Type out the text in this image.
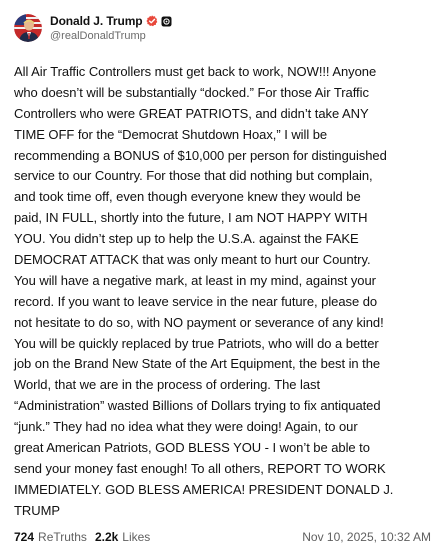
Donald J. Trump
@realDonaldTrump
All Air Traffic Controllers must get back to work, NOW!!! Anyone
who doesn’t will be substantially “docked.” For those Air Traffic
Controllers who were GREAT PATRIOTS, and didn’t take ANY
TIME OFF for the “Democrat Shutdown Hoax,” I will be
recommending a BONUS of $10,000 per person for distinguished
service to our Country. For those that did nothing but complain,
and took time off, even though everyone knew they would be
paid, IN FULL, shortly into the future, I am NOT HAPPY WITH
YOU. You didn’t step up to help the U.S.A. against the FAKE
DEMOCRAT ATTACK that was only meant to hurt our Country.
You will have a negative mark, at least in my mind, against your
record. If you want to leave service in the near future, please do
not hesitate to do so, with NO payment or severance of any kind!
You will be quickly replaced by true Patriots, who will do a better
job on the Brand New State of the Art Equipment, the best in the
World, that we are in the process of ordering. The last
“Administration” wasted Billions of Dollars trying to fix antiquated
“junk.” They had no idea what they were doing! Again, to our
great American Patriots, GOD BLESS YOU - I won’t be able to
send your money fast enough! To all others, REPORT TO WORK
IMMEDIATELY. GOD BLESS AMERICA! PRESIDENT DONALD J.
TRUMP
724 ReTruths 2.2k Likes	Nov 10, 2025, 10:32 AM
